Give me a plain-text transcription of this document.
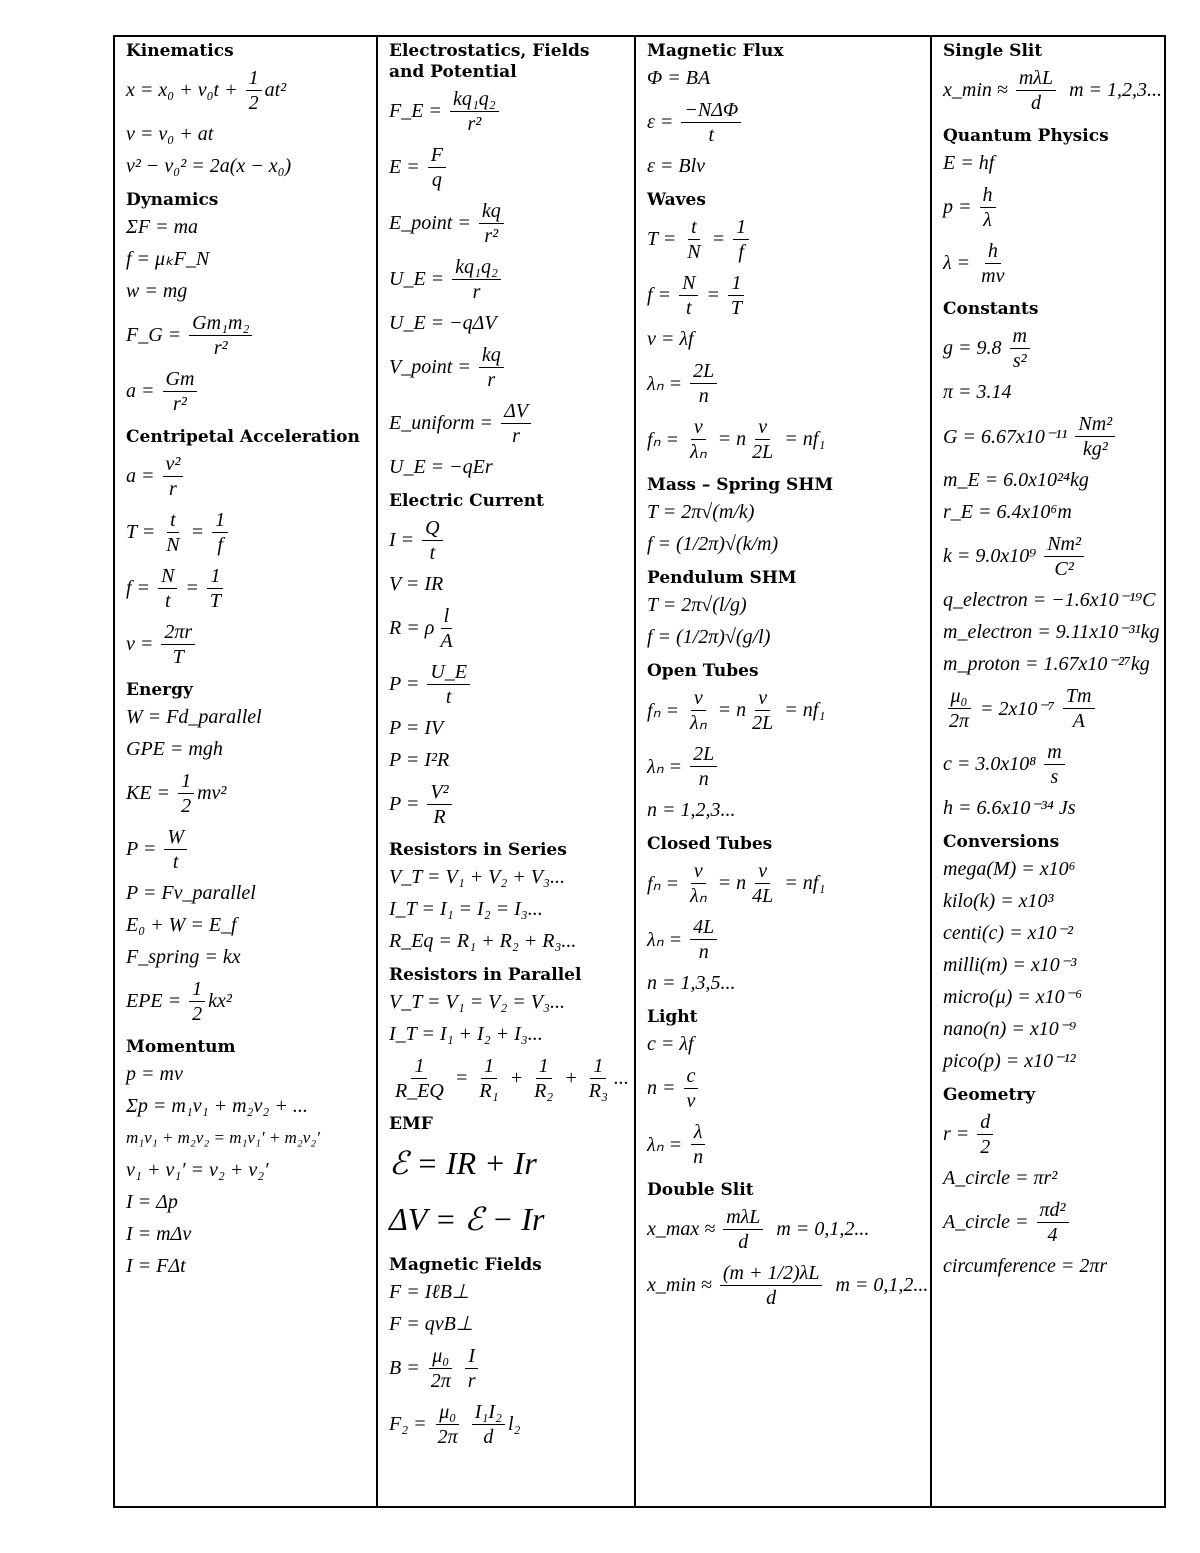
Kinematics
$x = x_0 + v_0t + \frac{1}{2} at^2$
v = v₀ + at
v² − v₀² = 2a(x − x₀)
Dynamics
ΣF = ma
f = μₖF_N
w = mg
F_G = $\frac{\text{Gm₁m₂}}{\text{r²}}$
$a = \frac{Gm}{\text{r²}}$
Centripetal Acceleration
$a = \frac{\text{v²}}{r}$
$T = \frac{t}{N} = \frac{1}{f}$
$f = \frac{N}{t} = \frac{1}{T}$
$v = \frac{2\pi r}{T}$
Energy
W = Fd_parallel
GPE = mgh
KE = $\frac{1}{2} mv^2$
$P = \frac{W}{t}$
P = Fv_parallel
E₀ + W = E_f
F_spring = kx
EPE = $\frac{1}{2} kx^2$
Momentum
p = mv
Σp = m₁v₁ + m₂v₂ + ...
m₁v₁ + m₂v₂ = m₁v₁′ + m₂v₂′
v₁ + v₁′ = v₂ + v₂′
I = Δp
I = mΔv
I = FΔt
Electrostatics, Fields and Potential
F_E = $\frac{\text{kq₁q₂}}{\text{r²}}$
$E = \frac{F}{q}$
E_point = $\frac{kq}{\text{r²}}$
U_E = $\frac{\text{kq₁q₂}}{r}$
U_E = −qΔV
V_point = $\frac{kq}{r}$
E_uniform = $\frac{\Delta V}{r}$
U_E = −qEr
Electric Current
$I = \frac{Q}{t}$
V = IR
R = ρ $\frac{l}{A}$
$P = \frac{U\_E}{t}$
P = IV
P = I²R
$P = \frac{\text{V²}}{R}$
Resistors in Series
V_T = V₁ + V₂ + V₃...
I_T = I₁ = I₂ = I₃...
R_Eq = R₁ + R₂ + R₃...
Resistors in Parallel
V_T = V₁ = V₂ = V₃...
I_T = I₁ + I₂ + I₃...
$\frac{1}{R\_EQ} = \frac{1}{\text{R₁}} + \frac{1}{\text{R₂}} + \frac{1}{\text{R₃}}$ ...
EMF
ℰ = IR + Ir
ΔV = ℰ − Ir
Magnetic Fields
F = IℓB⊥
F = qvB⊥
$B = \frac{\text{μ₀}}{2\pi}$
$\frac{I}{r}$
$F_2 = \frac{\text{μ₀}}{2\pi}$
$\frac{\text{I₁I₂}}{d} l_2$
Magnetic Flux
Φ = BA
ε =
−NΔΦ
t
ε = Blv
Waves
$T = \frac{t}{N} = \frac{1}{f}$
$f = \frac{N}{t} = \frac{1}{T}$
v = λf
$\lambda_n = \frac{2L}{n}$
$f_n = \frac{v}{\text{λₙ}} = n \frac{v}{2L} = nf_1$
Mass – Spring SHM
T = 2π√(m/k)
f = (1/2π)√(k/m)
Pendulum SHM
T = 2π√(l/g)
f = (1/2π)√(g/l)
Open Tubes
$f_n = \frac{v}{\text{λₙ}} = n \frac{v}{2L} = nf_1$
$\lambda_n = \frac{2L}{n}$
n = 1,2,3...
Closed Tubes
$f_n = \frac{v}{\text{λₙ}} = n \frac{v}{4L} = nf_1$
$\lambda_n = \frac{4L}{n}$
n = 1,3,5...
Light
c = λf
$n = \frac{c}{v}$
$\lambda_n = \frac{\lambda}{n}$
Double Slit
x_max ≈
mλL
d
m = 0,1,2...
x_min ≈ $\frac{(m + 1/2)\lambda L}{d}$ m = 0,1,2...
Single Slit
x_min ≈
mλL
d
m = 1,2,3...
Quantum Physics
E = hf
$p = \frac{h}{\lambda}$
$\lambda = \frac{h}{mv}$
Constants
$g = 9.8 \frac{m}{\text{s²}}$
π = 3.14
$G = 6.67x10^{-11} \frac{\text{Nm²}}{\text{kg²}}$
m_E = 6.0x10²⁴kg
r_E = 6.4x10⁶m
$k = 9.0x10^9 \frac{\text{Nm²}}{\text{C²}}$
q_electron = −1.6x10⁻¹⁹C
m_electron = 9.11x10⁻³¹kg
m_proton = 1.67x10⁻²⁷kg
$\frac{\text{μ₀}}{2\pi} = 2x10^{-7} \frac{Tm}{A}$
$c = 3.0x10^8 \frac{m}{s}$
h = 6.6x10⁻³⁴ Js
Conversions
mega(M) = x10⁶
kilo(k) = x10³
centi(c) = x10⁻²
milli(m) = x10⁻³
micro(μ) = x10⁻⁶
nano(n) = x10⁻⁹
pico(p) = x10⁻¹²
Geometry
$r = \frac{d}{2}$
A_circle = πr²
A_circle = $\frac{\text{πd²}}{4}$
circumference = 2πr
